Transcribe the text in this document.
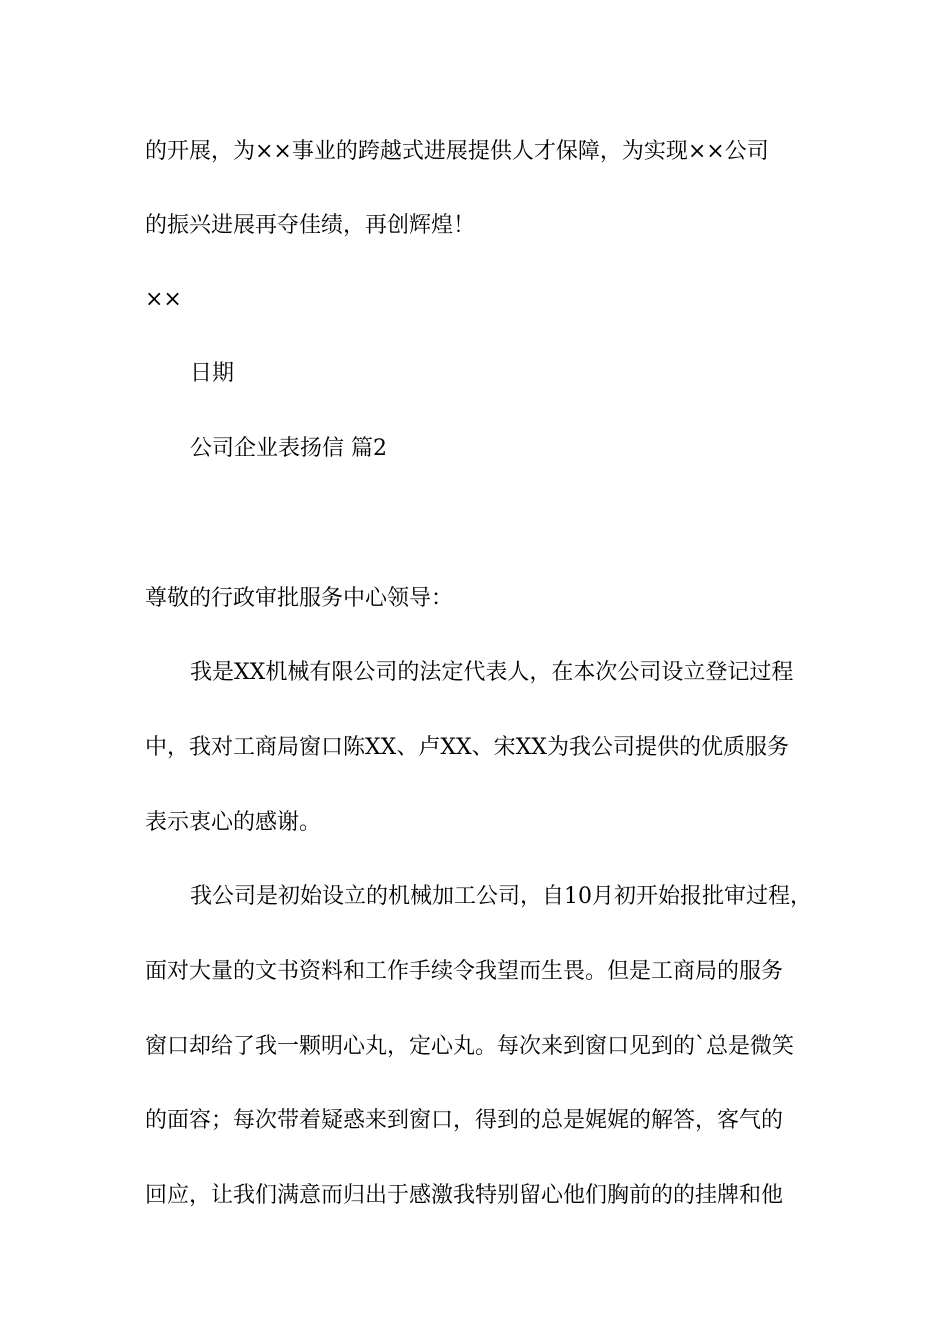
的开展，为××事业的跨越式进展提供人才保障，为实现××公司
的振兴进展再夺佳绩，再创辉煌！
××
日期
公司企业表扬信 篇2
尊敬的行政审批服务中心领导：
我是XX机械有限公司的法定代表人，在本次公司设立登记过程
中，我对工商局窗口陈XX、卢XX、宋XX为我公司提供的优质服务
表示衷心的感谢。
我公司是初始设立的机械加工公司，自10月初开始报批审过程，
面对大量的文书资料和工作手续令我望而生畏。但是工商局的服务
窗口却给了我一颗明心丸，定心丸。每次来到窗口见到的`总是微笑
的面容；每次带着疑惑来到窗口，得到的总是娓娓的解答，客气的
回应，让我们满意而归出于感激我特别留心他们胸前的的挂牌和他
